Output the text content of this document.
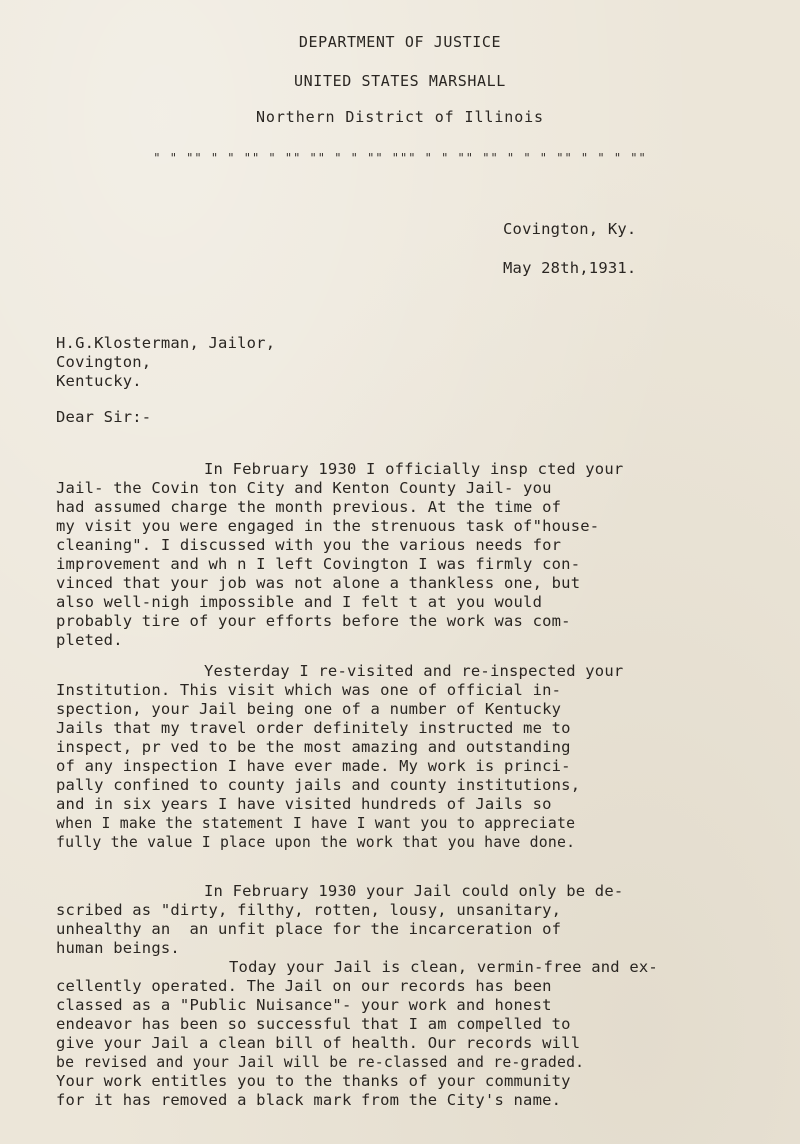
DEPARTMENT OF JUSTICE
UNITED STATES MARSHALL
Northern District of Illinois
" " "" " " "" " "" "" " " "" """ " " "" "" " " " "" " " " ""
Covington, Ky.
May 28th,1931.
H.G.Klosterman, Jailor,
Covington,
Kentucky.
Dear Sir:-
In February 1930 I officially insp cted your
Jail- the Covin ton City and Kenton County Jail- you
had assumed charge the month previous. At the time of
my visit you were engaged in the strenuous task of"house-
cleaning". I discussed with you the various needs for
improvement and wh n I left Covington I was firmly con-
vinced that your job was not alone a thankless one, but
also well-nigh impossible and I felt t at you would
probably tire of your efforts before the work was com-
pleted.
Yesterday I re-visited and re-inspected your
Institution. This visit which was one of official in-
spection, your Jail being one of a number of Kentucky
Jails that my travel order definitely instructed me to
inspect, pr ved to be the most amazing and outstanding
of any inspection I have ever made. My work is princi-
pally confined to county jails and county institutions,
and in six years I have visited hundreds of Jails so
when I make the statement I have I want you to appreciate
fully the value I place upon the work that you have done.
In February 1930 your Jail could only be de-
scribed as "dirty, filthy, rotten, lousy, unsanitary,
unhealthy an  an unfit place for the incarceration of
human beings.
Today your Jail is clean, vermin-free and ex-
cellently operated. The Jail on our records has been
classed as a "Public Nuisance"- your work and honest
endeavor has been so successful that I am compelled to
give your Jail a clean bill of health. Our records will
be revised and your Jail will be re-classed and re-graded.
Your work entitles you to the thanks of your community
for it has removed a black mark from the City's name.
